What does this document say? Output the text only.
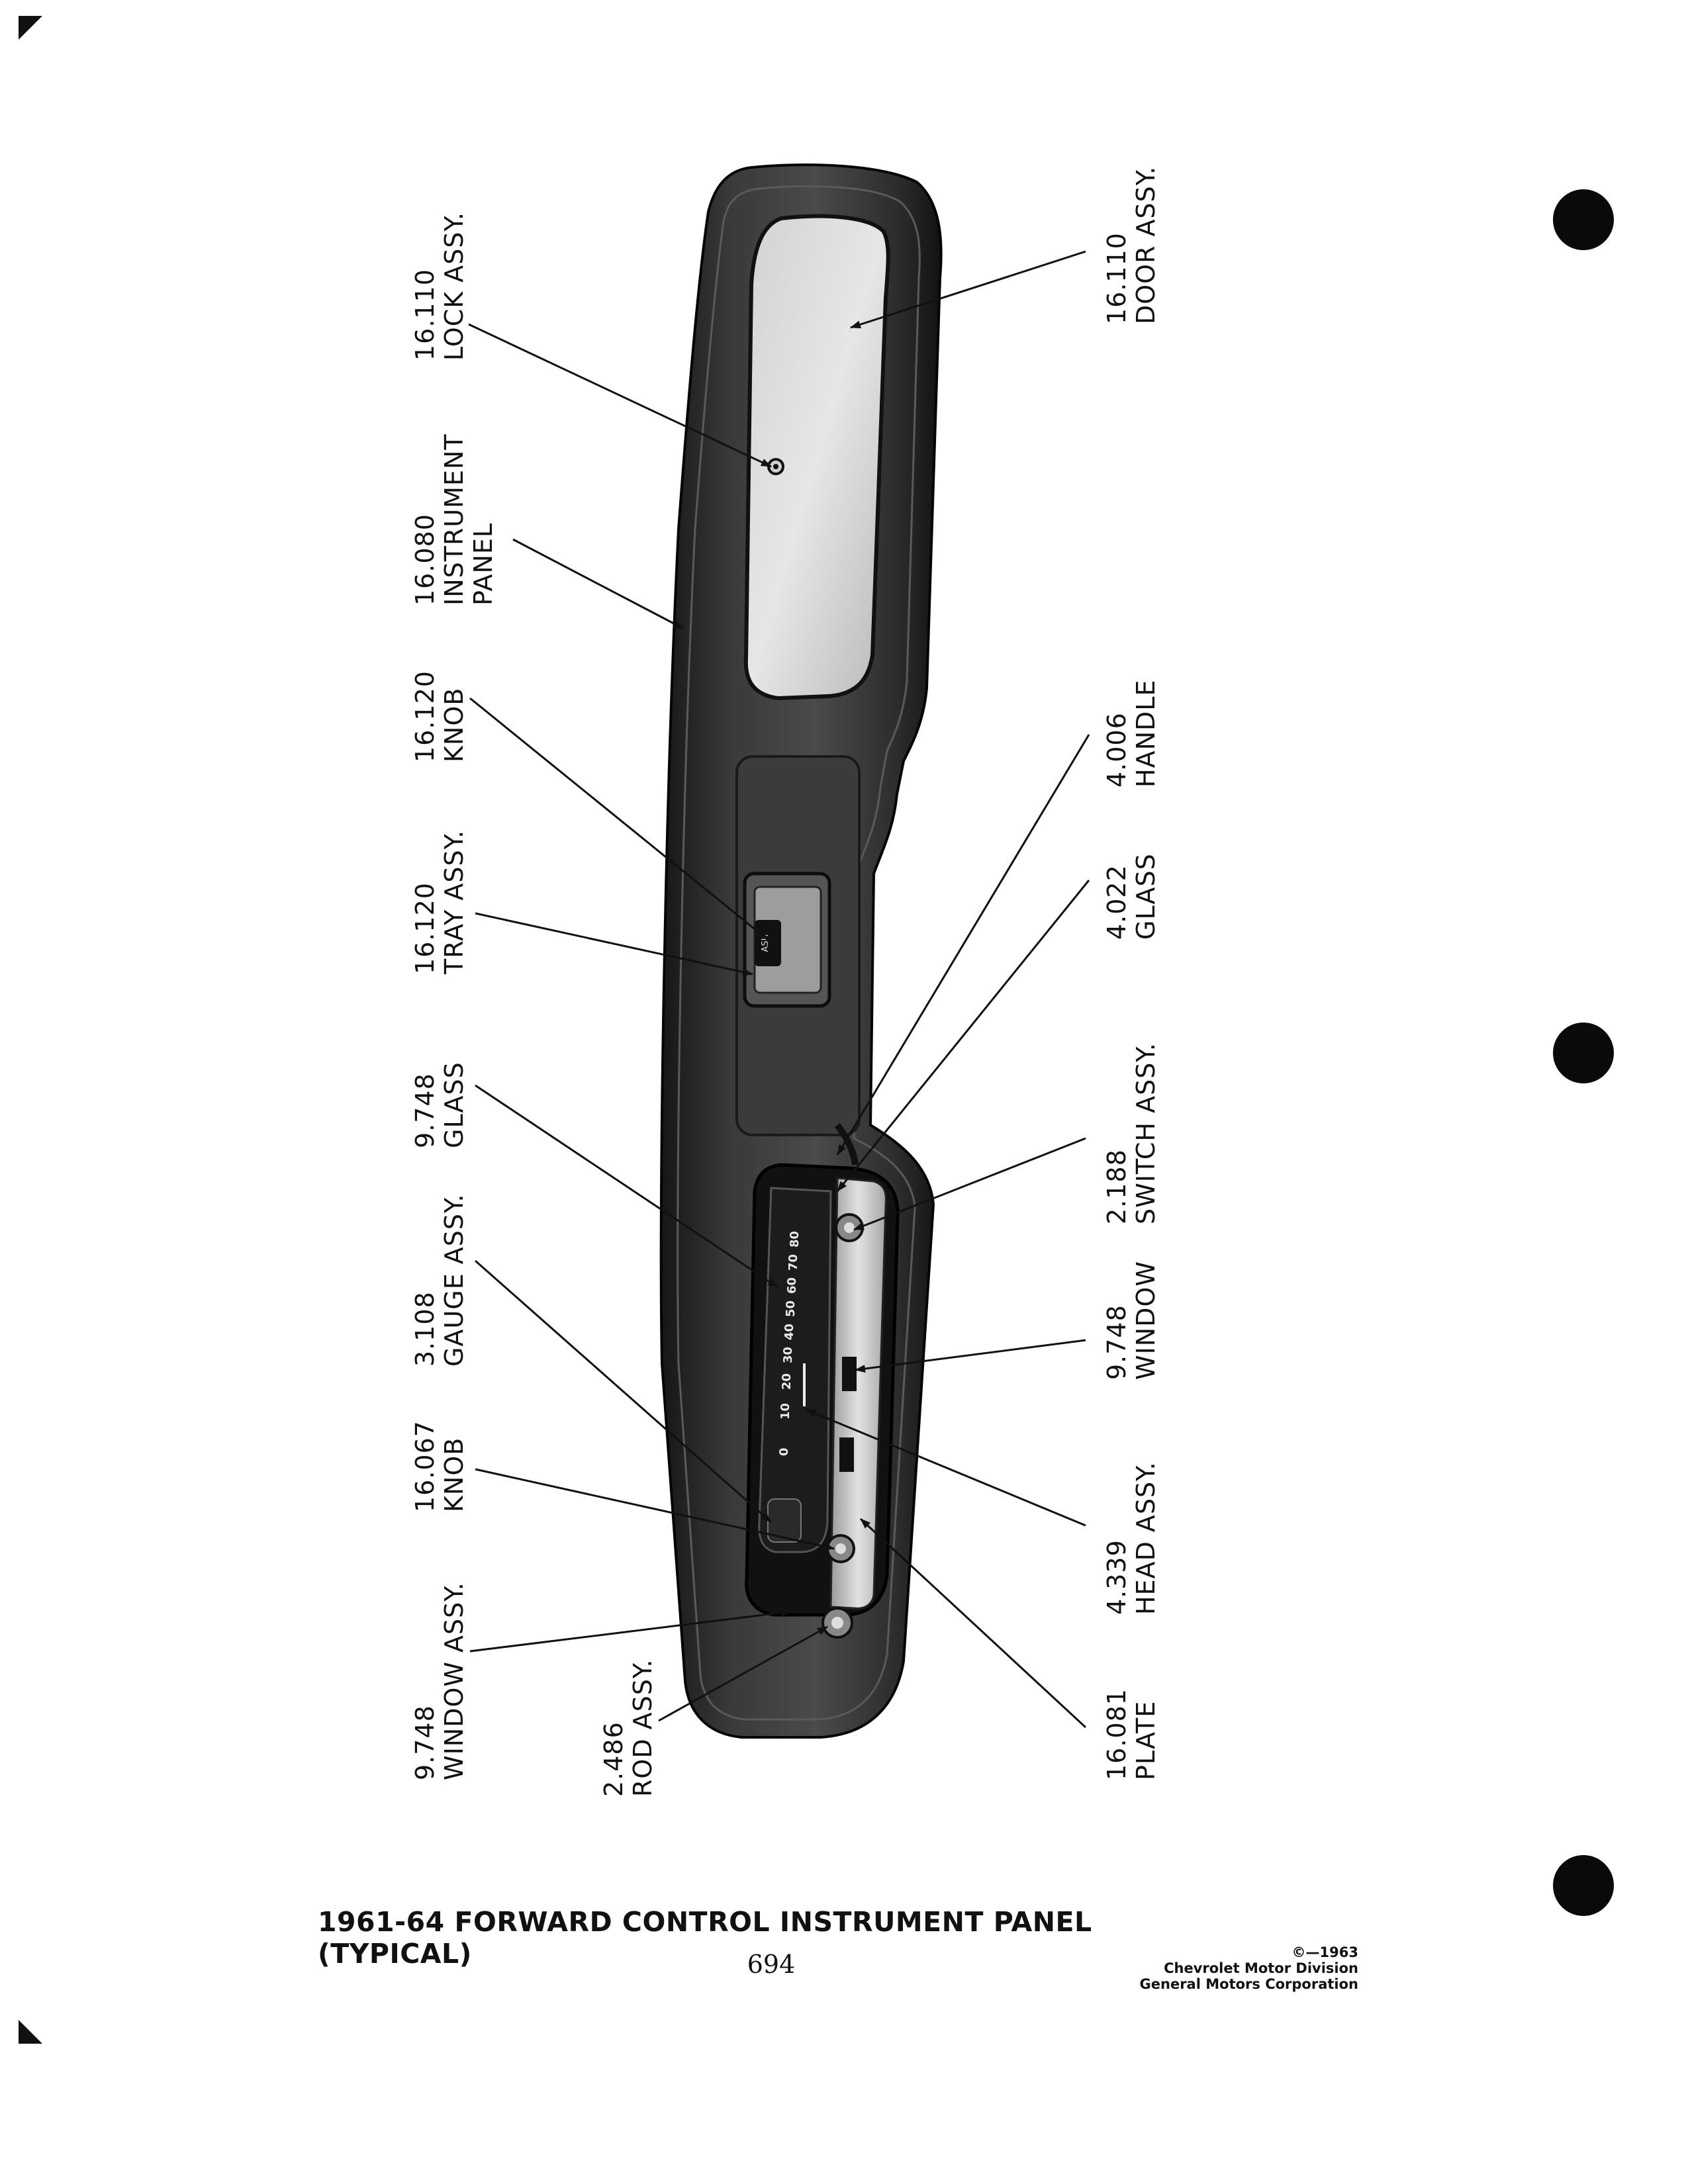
ASH
0
10
20
30
40
50
60
70
80
16.110 LOCK ASSY.
16.080 INSTRUMENT PANEL
16.120 KNOB
16.120 TRAY ASSY.
9.748 GLASS
3.108 GAUGE ASSY.
16.067 KNOB
9.748 WINDOW ASSY.	2.486 ROD ASSY.
16.110 DOOR ASSY.
4.006 HANDLE
4.022 GLASS
2.188 SWITCH ASSY.
9.748 WINDOW
4.339 HEAD ASSY.
16.081 PLATE
1961-64 FORWARD CONTROL INSTRUMENT PANEL (TYPICAL)	694	©—1963
Chevrolet Motor Division
General Motors Corporation
